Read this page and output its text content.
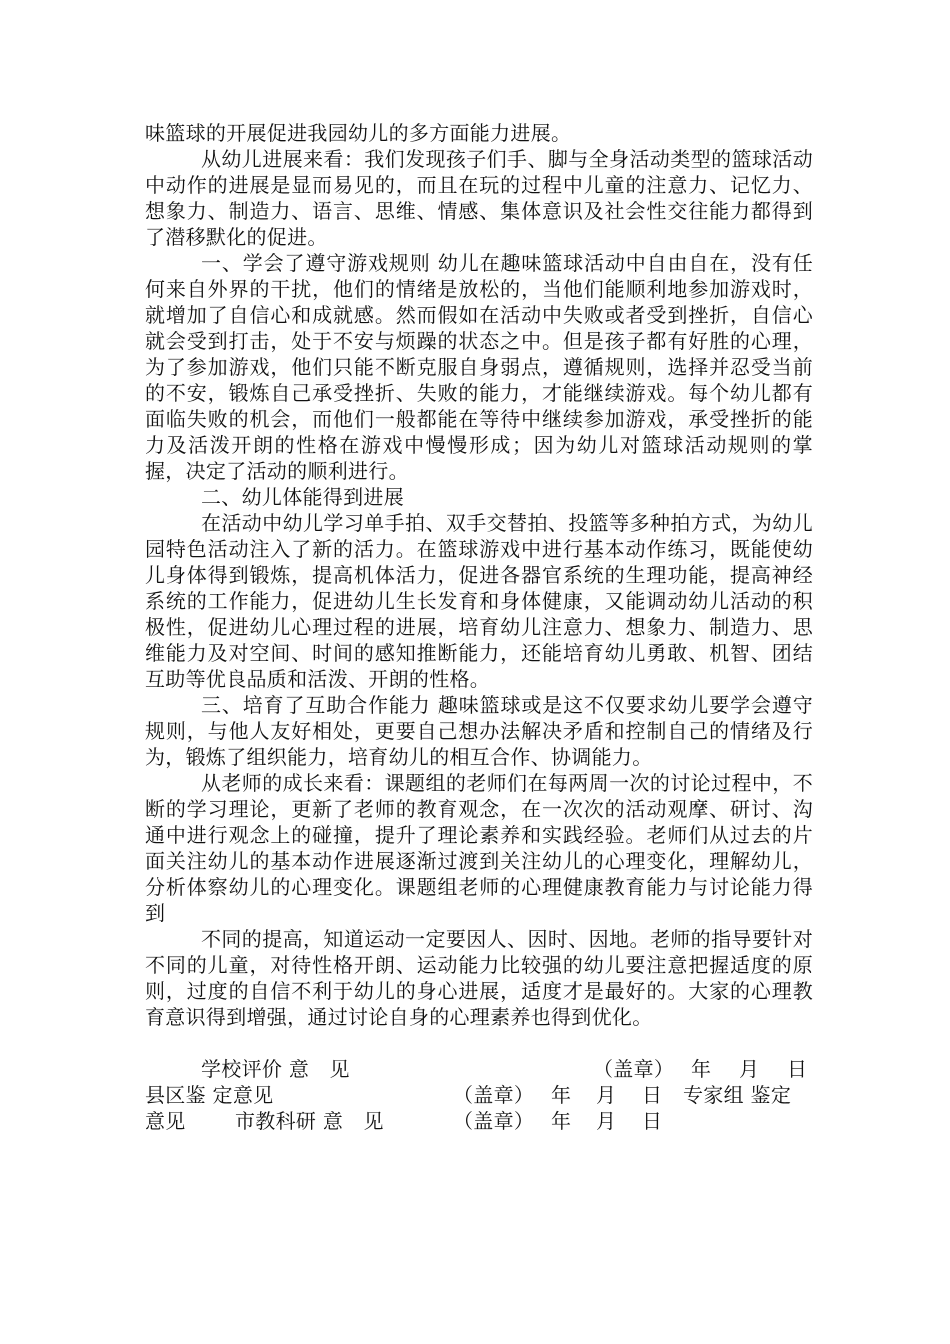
味篮球的开展促进我园幼儿的多方面能力进展。

从幼儿进展来看：我们发现孩子们手、脚与全身活动类型的篮球活动中动作的进展是显而易见的，而且在玩的过程中儿童的注意力、记忆力、想象力、制造力、语言、思维、情感、集体意识及社会性交往能力都得到了潜移默化的促进。

一、学会了遵守游戏规则 幼儿在趣味篮球活动中自由自在，没有任何来自外界的干扰，他们的情绪是放松的，当他们能顺利地参加游戏时，就增加了自信心和成就感。然而假如在活动中失败或者受到挫折，自信心就会受到打击，处于不安与烦躁的状态之中。但是孩子都有好胜的心理，为了参加游戏，他们只能不断克服自身弱点，遵循规则，选择并忍受当前的不安，锻炼自己承受挫折、失败的能力，才能继续游戏。每个幼儿都有面临失败的机会，而他们一般都能在等待中继续参加游戏，承受挫折的能力及活泼开朗的性格在游戏中慢慢形成；因为幼儿对篮球活动规则的掌握，决定了活动的顺利进行。

二、幼儿体能得到进展

在活动中幼儿学习单手拍、双手交替拍、投篮等多种拍方式，为幼儿园特色活动注入了新的活力。在篮球游戏中进行基本动作练习，既能使幼儿身体得到锻炼，提高机体活力，促进各器官系统的生理功能，提高神经系统的工作能力，促进幼儿生长发育和身体健康，又能调动幼儿活动的积极性，促进幼儿心理过程的进展，培育幼儿注意力、想象力、制造力、思维能力及对空间、时间的感知推断能力，还能培育幼儿勇敢、机智、团结互助等优良品质和活泼、开朗的性格。

三、培育了互助合作能力 趣味篮球或是这不仅要求幼儿要学会遵守规则，与他人友好相处，更要自己想办法解决矛盾和控制自己的情绪及行为，锻炼了组织能力，培育幼儿的相互合作、协调能力。

从老师的成长来看：课题组的老师们在每两周一次的讨论过程中，不断的学习理论，更新了老师的教育观念，在一次次的活动观摩、研讨、沟通中进行观念上的碰撞，提升了理论素养和实践经验。老师们从过去的片面关注幼儿的基本动作进展逐渐过渡到关注幼儿的心理变化，理解幼儿，分析体察幼儿的心理变化。课题组老师的心理健康教育能力与讨论能力得到

不同的提高，知道运动一定要因人、因时、因地。老师的指导要针对不同的儿童，对待性格开朗、运动能力比较强的幼儿要注意把握适度的原则，过度的自信不利于幼儿的身心进展，适度才是最好的。大家的心理教育意识得到增强，通过讨论自身的心理素养也得到优化。

学校评价 意　见	（盖章） 年 月 日
县区鉴 定意见	（盖章） 年 月 日 专家组 鉴定
意见 市教科研 意　见	（盖章） 年 月 日
